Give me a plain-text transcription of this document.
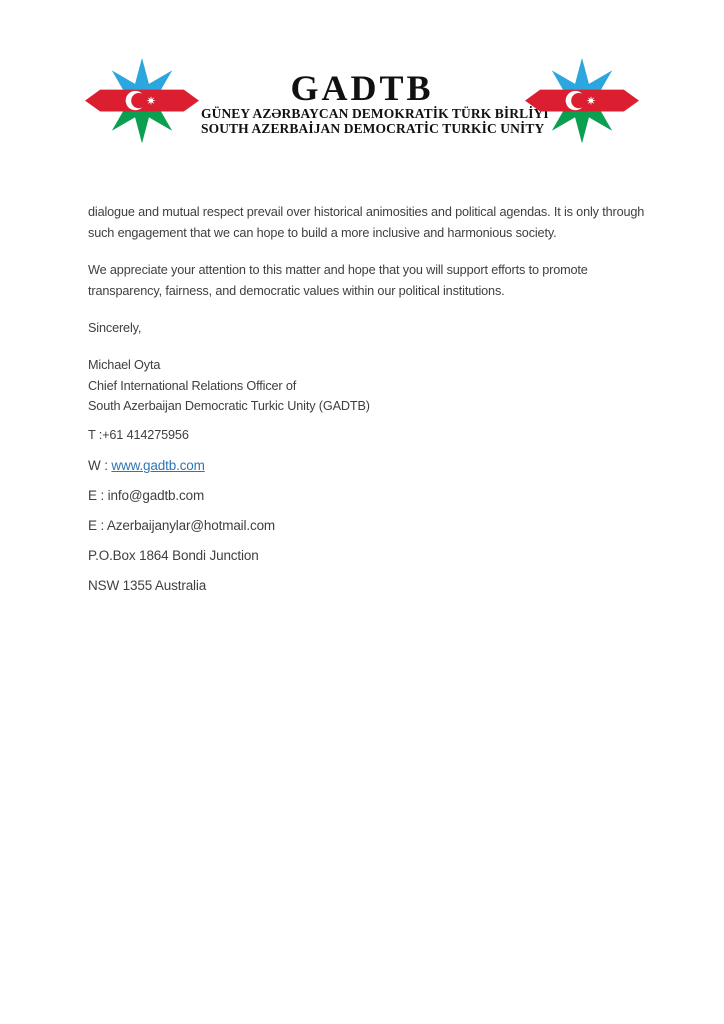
GADTB
GÜNEY AZƏRBAYCAN DEMOKRATİK TÜRK BİRLİYİ
SOUTH AZERBAİJAN DEMOCRATİC TURKİC UNİTY

dialogue and mutual respect prevail over historical animosities and political agendas. It is only through such engagement that we can hope to build a more inclusive and harmonious society.

We appreciate your attention to this matter and hope that you will support efforts to promote transparency, fairness, and democratic values within our political institutions.

Sincerely,

Michael Oyta
Chief International Relations Officer of
South Azerbaijan Democratic Turkic Unity (GADTB)

T :+61 414275956

W : www.gadtb.com

E : info@gadtb.com

E : Azerbaijanylar@hotmail.com

P.O.Box 1864 Bondi Junction

NSW 1355 Australia
